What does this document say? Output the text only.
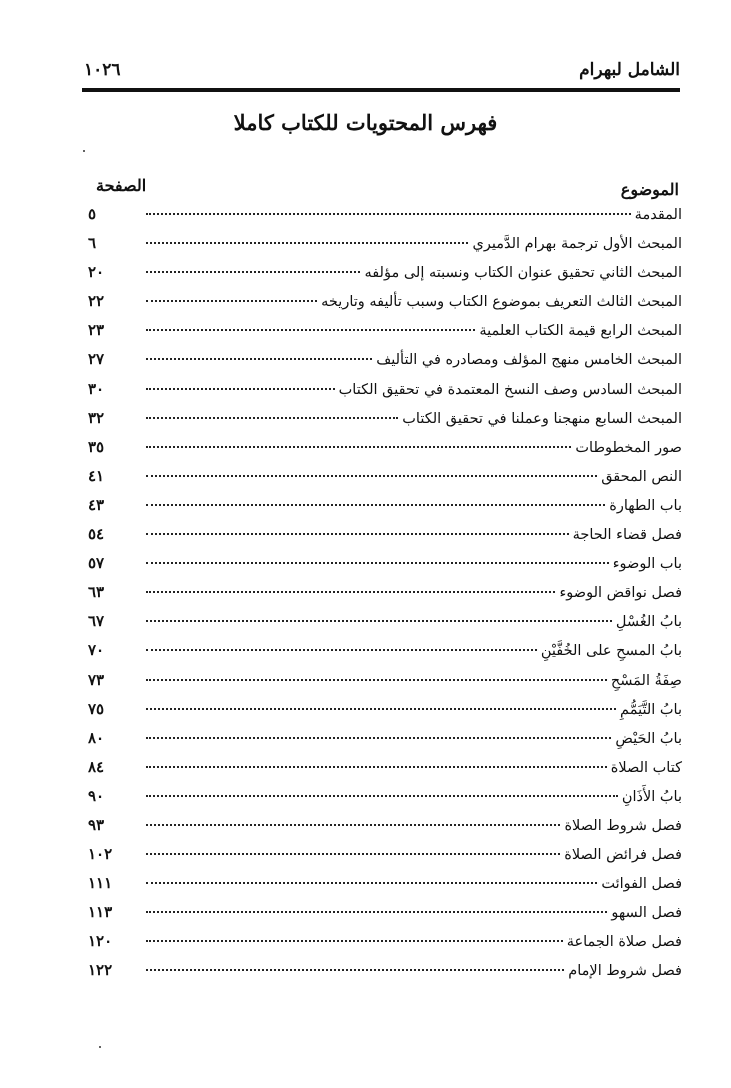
الشامل لبهرام
١٠٢٦
فهرس المحتويات للكتاب كاملا
الموضوع
الصفحة
المقدمة
٥
المبحث الأول ترجمة بهرام الدَّميري
٦
المبحث الثاني تحقيق عنوان الكتاب ونسبته إلى مؤلفه
٢٠
المبحث الثالث التعريف بموضوع الكتاب وسبب تأليفه وتاريخه
٢٢
المبحث الرابع قيمة الكتاب العلمية
٢٣
المبحث الخامس منهج المؤلف ومصادره في التأليف
٢٧
المبحث السادس وصف النسخ المعتمدة في تحقيق الكتاب
٣٠
المبحث السابع منهجنا وعملنا في تحقيق الكتاب
٣٢
صور المخطوطات
٣٥
النص المحقق
٤١
باب الطهارة
٤٣
فصل قضاء الحاجة
٥٤
باب الوضوء
٥٧
فصل نواقض الوضوء
٦٣
بابُ الغُسْلِ
٦٧
بابُ المسحِ على الخُفَّيْنِ
٧٠
صِفَةُ المَسْحِ
٧٣
بابُ التَّيَمُّمِ
٧٥
بابُ الحَيْضِ
٨٠
كتاب الصلاة
٨٤
بابُ الأَذَانِ
٩٠
فصل شروط الصلاة
٩٣
فصل فرائض الصلاة
١٠٢
فصل الفوائت
١١١
فصل السهو
١١٣
فصل صلاة الجماعة
١٢٠
فصل شروط الإمام
١٢٢
